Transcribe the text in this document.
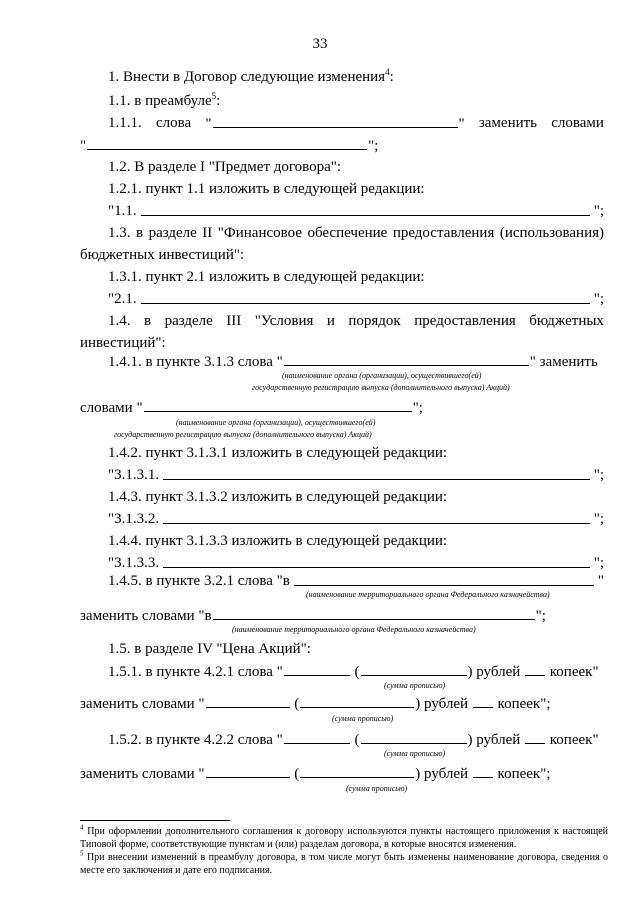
33
1. Внести в Договор следующие изменения$^4$:
1.1. в преамбуле$^5$:
1.1.1. слова "	" заменить словами
"	";
1.2. В разделе I "Предмет договора":
1.2.1. пункт 1.1 изложить в следующей редакции:
"1.1.	";
1.3. в разделе II "Финансовое обеспечение предоставления (использования)
бюджетных инвестиций":
1.3.1. пункт 2.1 изложить в следующей редакции:
"2.1.	";
1.4. в разделе III "Условия и порядок предоставления бюджетных
инвестиций":
1.4.1. в пункте 3.1.3 слова "	" заменить
(наименование органа (организации), осуществившего(ей)
государственную регистрацию выпуска (дополнительного выпуска) Акций)
словами "	";
(наименование органа (организации), осуществившего(ей)
государственную регистрацию выпуска (дополнительного выпуска) Акций)
1.4.2. пункт 3.1.3.1 изложить в следующей редакции:
"3.1.3.1.	";
1.4.3. пункт 3.1.3.2 изложить в следующей редакции:
"3.1.3.2.	";
1.4.4. пункт 3.1.3.3 изложить в следующей редакции:
"3.1.3.3.	";
1.4.5. в пункте 3.2.1 слова "в	"
(наименование территориального органа Федерального казначейства)
заменить словами "в	";
(наименование территориального органа Федерального казначейства)
1.5. в разделе IV "Цена Акций":
1.5.1. в пункте 4.2.1 слова "	(	) рублей копеек"
(сумма прописью)
заменить словами "	(	) рублей копеек";
(сумма прописью)
1.5.2. в пункте 4.2.2 слова "	(	) рублей копеек"
(сумма прописью)
заменить словами "	(	) рублей копеек";
(сумма прописью)
$^4$ При оформлении дополнительного соглашения к договору используются пункты настоящего приложения к настоящей Типовой форме, соответствующие пунктам и (или) разделам договора, в которые вносятся изменения.
$^5$ При внесении изменений в преамбулу договора, в том числе могут быть изменены наименование договора, сведения о месте его заключения и дате его подписания.
